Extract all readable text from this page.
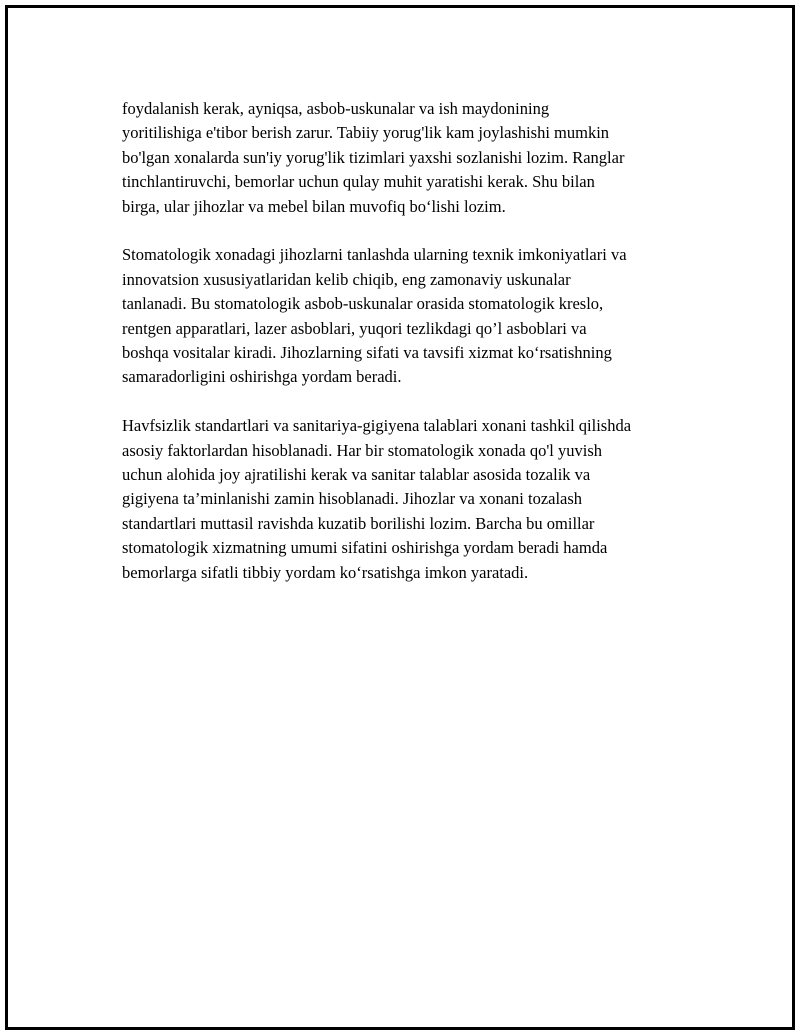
foydalanish kerak, ayniqsa, asbob-uskunalar va ish maydonining
yoritilishiga e'tibor berish zarur. Tabiiy yorug'lik kam joylashishi mumkin
bo'lgan xonalarda sun'iy yorug'lik tizimlari yaxshi sozlanishi lozim. Ranglar
tinchlantiruvchi, bemorlar uchun qulay muhit yaratishi kerak. Shu bilan
birga, ular jihozlar va mebel bilan muvofiq bo‘lishi lozim.

Stomatologik xonadagi jihozlarni tanlashda ularning texnik imkoniyatlari va
innovatsion xususiyatlaridan kelib chiqib, eng zamonaviy uskunalar
tanlanadi. Bu stomatologik asbob-uskunalar orasida stomatologik kreslo,
rentgen apparatlari, lazer asboblari, yuqori tezlikdagi qo’l asboblari va
boshqa vositalar kiradi. Jihozlarning sifati va tavsifi xizmat ko‘rsatishning
samaradorligini oshirishga yordam beradi.

Havfsizlik standartlari va sanitariya-gigiyena talablari xonani tashkil qilishda
asosiy faktorlardan hisoblanadi. Har bir stomatologik xonada qo'l yuvish
uchun alohida joy ajratilishi kerak va sanitar talablar asosida tozalik va
gigiyena ta’minlanishi zamin hisoblanadi. Jihozlar va xonani tozalash
standartlari muttasil ravishda kuzatib borilishi lozim. Barcha bu omillar
stomatologik xizmatning umumi sifatini oshirishga yordam beradi hamda
bemorlarga sifatli tibbiy yordam ko‘rsatishga imkon yaratadi.
